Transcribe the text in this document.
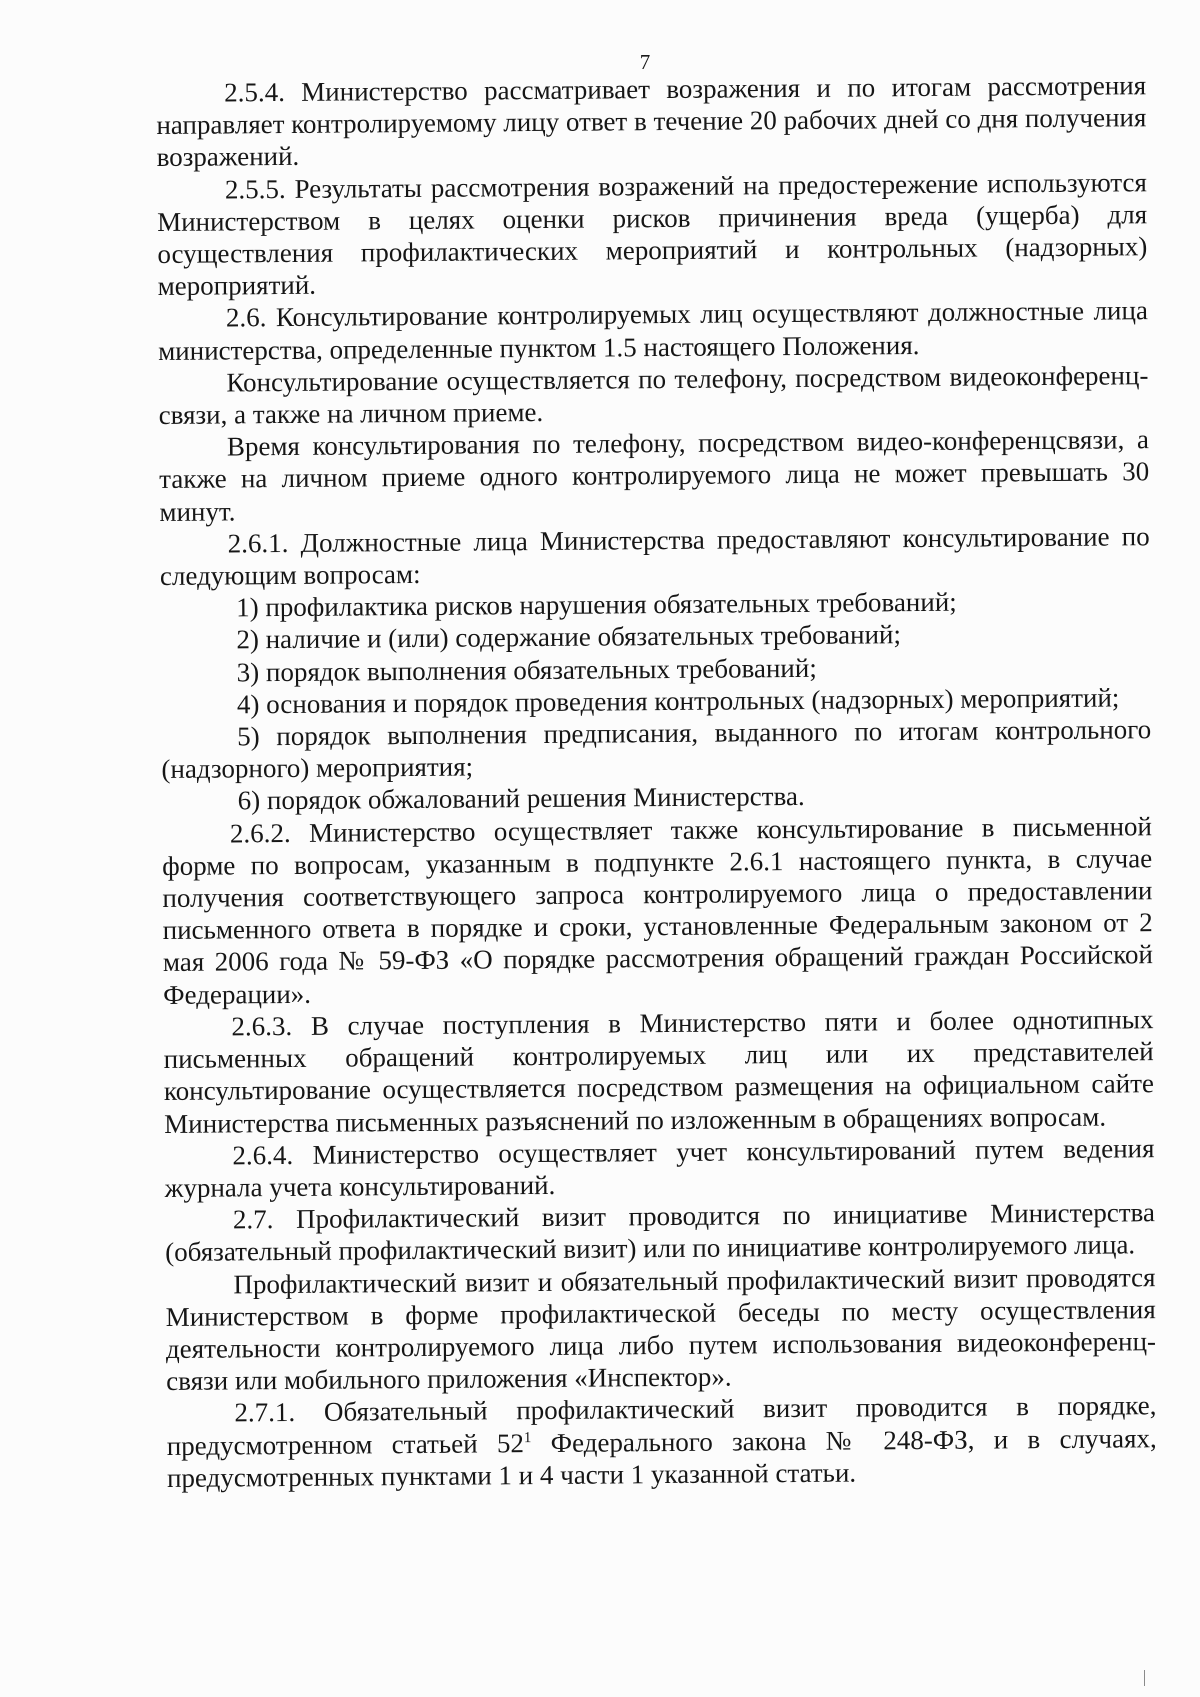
7

2.5.4. Министерство рассматривает возражения и по итогам рассмотрения направляет контролируемому лицу ответ в течение 20 рабочих дней со дня получения возражений.

2.5.5. Результаты рассмотрения возражений на предостережение используются Министерством в целях оценки рисков причинения вреда (ущерба) для осуществления профилактических мероприятий и контрольных (надзорных) мероприятий.

2.6. Консультирование контролируемых лиц осуществляют должностные лица министерства, определенные пунктом 1.5 настоящего Положения.

Консультирование осуществляется по телефону, посредством видеоконференц-связи, а также на личном приеме.

Время консультирования по телефону, посредством видео-конференцсвязи, а также на личном приеме одного контролируемого лица не может превышать 30 минут.

2.6.1. Должностные лица Министерства предоставляют консультирование по следующим вопросам:

1) профилактика рисков нарушения обязательных требований;

2) наличие и (или) содержание обязательных требований;

3) порядок выполнения обязательных требований;

4) основания и порядок проведения контрольных (надзорных) мероприятий;

5) порядок выполнения предписания, выданного по итогам контрольного (надзорного) мероприятия;

6) порядок обжалований решения Министерства.

2.6.2. Министерство осуществляет также консультирование в письменной форме по вопросам, указанным в подпункте 2.6.1 настоящего пункта, в случае получения соответствующего запроса контролируемого лица о предоставлении письменного ответа в порядке и сроки, установленные Федеральным законом от 2 мая 2006 года № 59-ФЗ «О порядке рассмотрения обращений граждан Российской Федерации».

2.6.3. В случае поступления в Министерство пяти и более однотипных письменных обращений контролируемых лиц или их представителей консультирование осуществляется посредством размещения на официальном сайте Министерства письменных разъяснений по изложенным в обращениях вопросам.

2.6.4. Министерство осуществляет учет консультирований путем ведения журнала учета консультирований.

2.7. Профилактический визит проводится по инициативе Министерства (обязательный профилактический визит) или по инициативе контролируемого лица.

Профилактический визит и обязательный профилактический визит проводятся Министерством в форме профилактической беседы по месту осуществления деятельности контролируемого лица либо путем использования видеоконференц-связи или мобильного приложения «Инспектор».

2.7.1. Обязательный профилактический визит проводится в порядке, предусмотренном статьей $52^1$ Федерального закона № 248-ФЗ, и в случаях, предусмотренных пунктами 1 и 4 части 1 указанной статьи.
